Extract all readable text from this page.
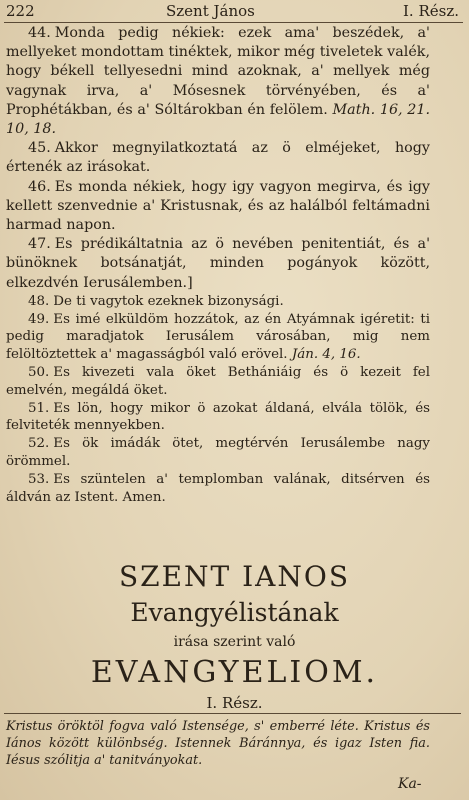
222	Szent János	I. Rész.

44. Monda pedig nékiek: ezek ama' beszédek, a' mellyeket mondottam tinéktek, mikor még tiveletek valék, hogy békell tellyesedni mind azoknak, a' mellyek még vagynak irva, a' Mósesnek törvényében, és a' Prophétákban, és a' Sóltárokban én felölem. Math. 16, 21. 10, 18.

45. Akkor megnyilatkoztatá az ö elméjeket, hogy értenék az irásokat.

46. Es monda nékiek, hogy igy vagyon megirva, és igy kellett szenvednie a' Kristusnak, és az halálból feltámadni harmad napon.

47. Es prédikáltatnia az ö nevében penitentiát, és a' bünöknek botsánatját, minden pogányok között, elkezdvén Ierusálemben.]

48. De ti vagytok ezeknek bizonysági.

49. Es imé elküldöm hozzátok, az én Atyámnak igéretit: ti pedig maradjatok Ierusálem városában, mig nem felöltöztettek a' magasságból való erövel. Ján. 4, 16.

50. Es kivezeti vala öket Bethániáig és ö kezeit fel emelvén, megáldá öket.

51. Es lön, hogy mikor ö azokat áldaná, elvála tölök, és felviteték mennyekben.

52. Es ök imádák ötet, megtérvén Ierusálembe nagy örömmel.

53. Es szüntelen a' templomban valának, ditsérven és áldván az Istent. Amen.

SZENT IANOS
Evangyélistának
irása szerint való
EVANGYELIOM.
I. Rész.
Kristus öröktöl fogva való Istensége, s' emberré léte. Kristus és Iános között különbség. Istennek Báránnya, és igaz Isten fia. Iésus szólitja a' tanitványokat.
Ka-
